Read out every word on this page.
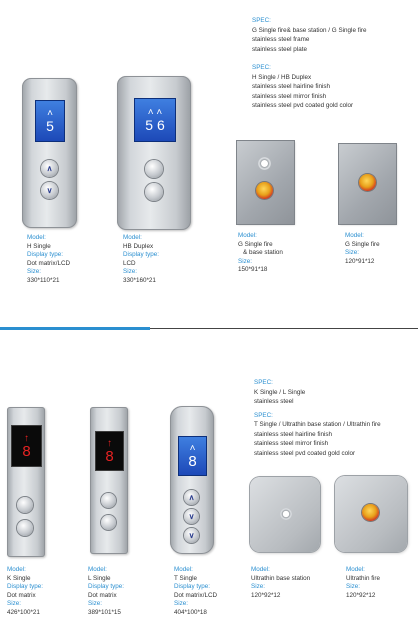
SPEC:
G Single fire& base station / G Single fire
stainless steel frame
stainless steel plate
SPEC:
H Single / HB Duplex
stainless steel hairline finish
stainless steel mirror finish
stainless steel pvd coated gold color
˄
5
∧
∨
Model:
H Single
Display type:
Dot matrix/LCD
Size:
330*110*21
˄ ˄
5 6
Model:
HB Duplex
Display type:
LCD
Size:
330*160*21
Model:
G Single fire
& base station
Size:
150*91*18
Model:
G Single fire
Size:
120*91*12
SPEC:
K Single / L Single
stainless steel
SPEC:
T Single / Ultrathin base station / Ultrathin fire
stainless steel hairline finish
stainless steel mirror finish
stainless steel pvd coated gold color
↑
8
Model:
K Single
Display type:
Dot matrix
Size:
426*100*21
↑
8
Model:
L Single
Display type:
Dot matrix
Size:
389*101*15
˄
8
∧
∨
∨
Model:
T Single
Display type:
Dot matrix/LCD
Size:
404*100*18
Model:
Ultrathin base station
Size:
120*92*12
Model:
Ultrathin fire
Size:
120*92*12
